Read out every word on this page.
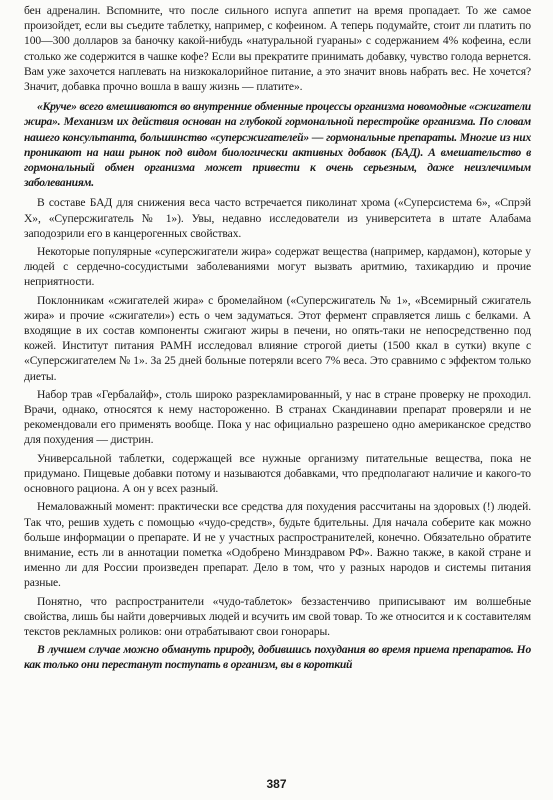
бен адреналин. Вспомните, что после сильного испуга аппетит на время пропадает. То же самое произойдет, если вы съедите таблетку, например, с кофеином. А теперь подумайте, стоит ли платить по 100—300 долларов за баночку какой-нибудь «натуральной гуараны» с содержанием 4% кофеина, если столько же содержится в чашке кофе? Если вы прекратите принимать добавку, чувство голода вернется. Вам уже захочется наплевать на низкокалорийное питание, а это значит вновь набрать вес. Не хочется? Значит, добавка прочно вошла в вашу жизнь — платите».

«Круче» всего вмешиваются во внутренние обменные процессы организма новомодные «сжигатели жира». Механизм их действия основан на глубокой гормональной перестройке организма. По словам нашего консультанта, большинство «суперсжигателей» — гормональные препараты. Многие из них проникают на наш рынок под видом биологически активных добавок (БАД). А вмешательство в гормональный обмен организма может привести к очень серьезным, даже неизлечимым заболеваниям.

В составе БАД для снижения веса часто встречается пиколинат хрома («Суперсистема 6», «Спрэй Х», «Суперсжигатель № 1»). Увы, недавно исследователи из университета в штате Алабама заподозрили его в канцерогенных свойствах.

Некоторые популярные «суперсжигатели жира» содержат вещества (например, кардамон), которые у людей с сердечно-сосудистыми заболеваниями могут вызвать аритмию, тахикардию и прочие неприятности.

Поклонникам «сжигателей жира» с бромелайном («Суперсжигатель № 1», «Всемирный сжигатель жира» и прочие «сжигатели») есть о чем задуматься. Этот фермент справляется лишь с белками. А входящие в их состав компоненты сжигают жиры в печени, но опять-таки не непосредственно под кожей. Институт питания РАМН исследовал влияние строгой диеты (1500 ккал в сутки) вкупе с «Суперсжигателем № 1». За 25 дней больные потеряли всего 7% веса. Это сравнимо с эффектом только диеты.

Набор трав «Гербалайф», столь широко разрекламированный, у нас в стране проверку не проходил. Врачи, однако, относятся к нему настороженно. В странах Скандинавии препарат проверяли и не рекомендовали его применять вообще. Пока у нас официально разрешено одно американское средство для похудения — дистрин.

Универсальной таблетки, содержащей все нужные организму питательные вещества, пока не придумано. Пищевые добавки потому и называются добавками, что предполагают наличие и какого-то основного рациона. А он у всех разный.

Немаловажный момент: практически все средства для похудения рассчитаны на здоровых (!) людей. Так что, решив худеть с помощью «чудо-средств», будьте бдительны. Для начала соберите как можно больше информации о препарате. И не у участных распространителей, конечно. Обязательно обратите внимание, есть ли в аннотации пометка «Одобрено Минздравом РФ». Важно также, в какой стране и именно ли для России произведен препарат. Дело в том, что у разных народов и системы питания разные.

Понятно, что распространители «чудо-таблеток» беззастенчиво приписывают им волшебные свойства, лишь бы найти доверчивых людей и всучить им свой товар. То же относится и к составителям текстов рекламных роликов: они отрабатывают свои гонорары.

В лучшем случае можно обмануть природу, добившись похудания во время приема препаратов. Но как только они перестанут поступать в организм, вы в короткий

387
